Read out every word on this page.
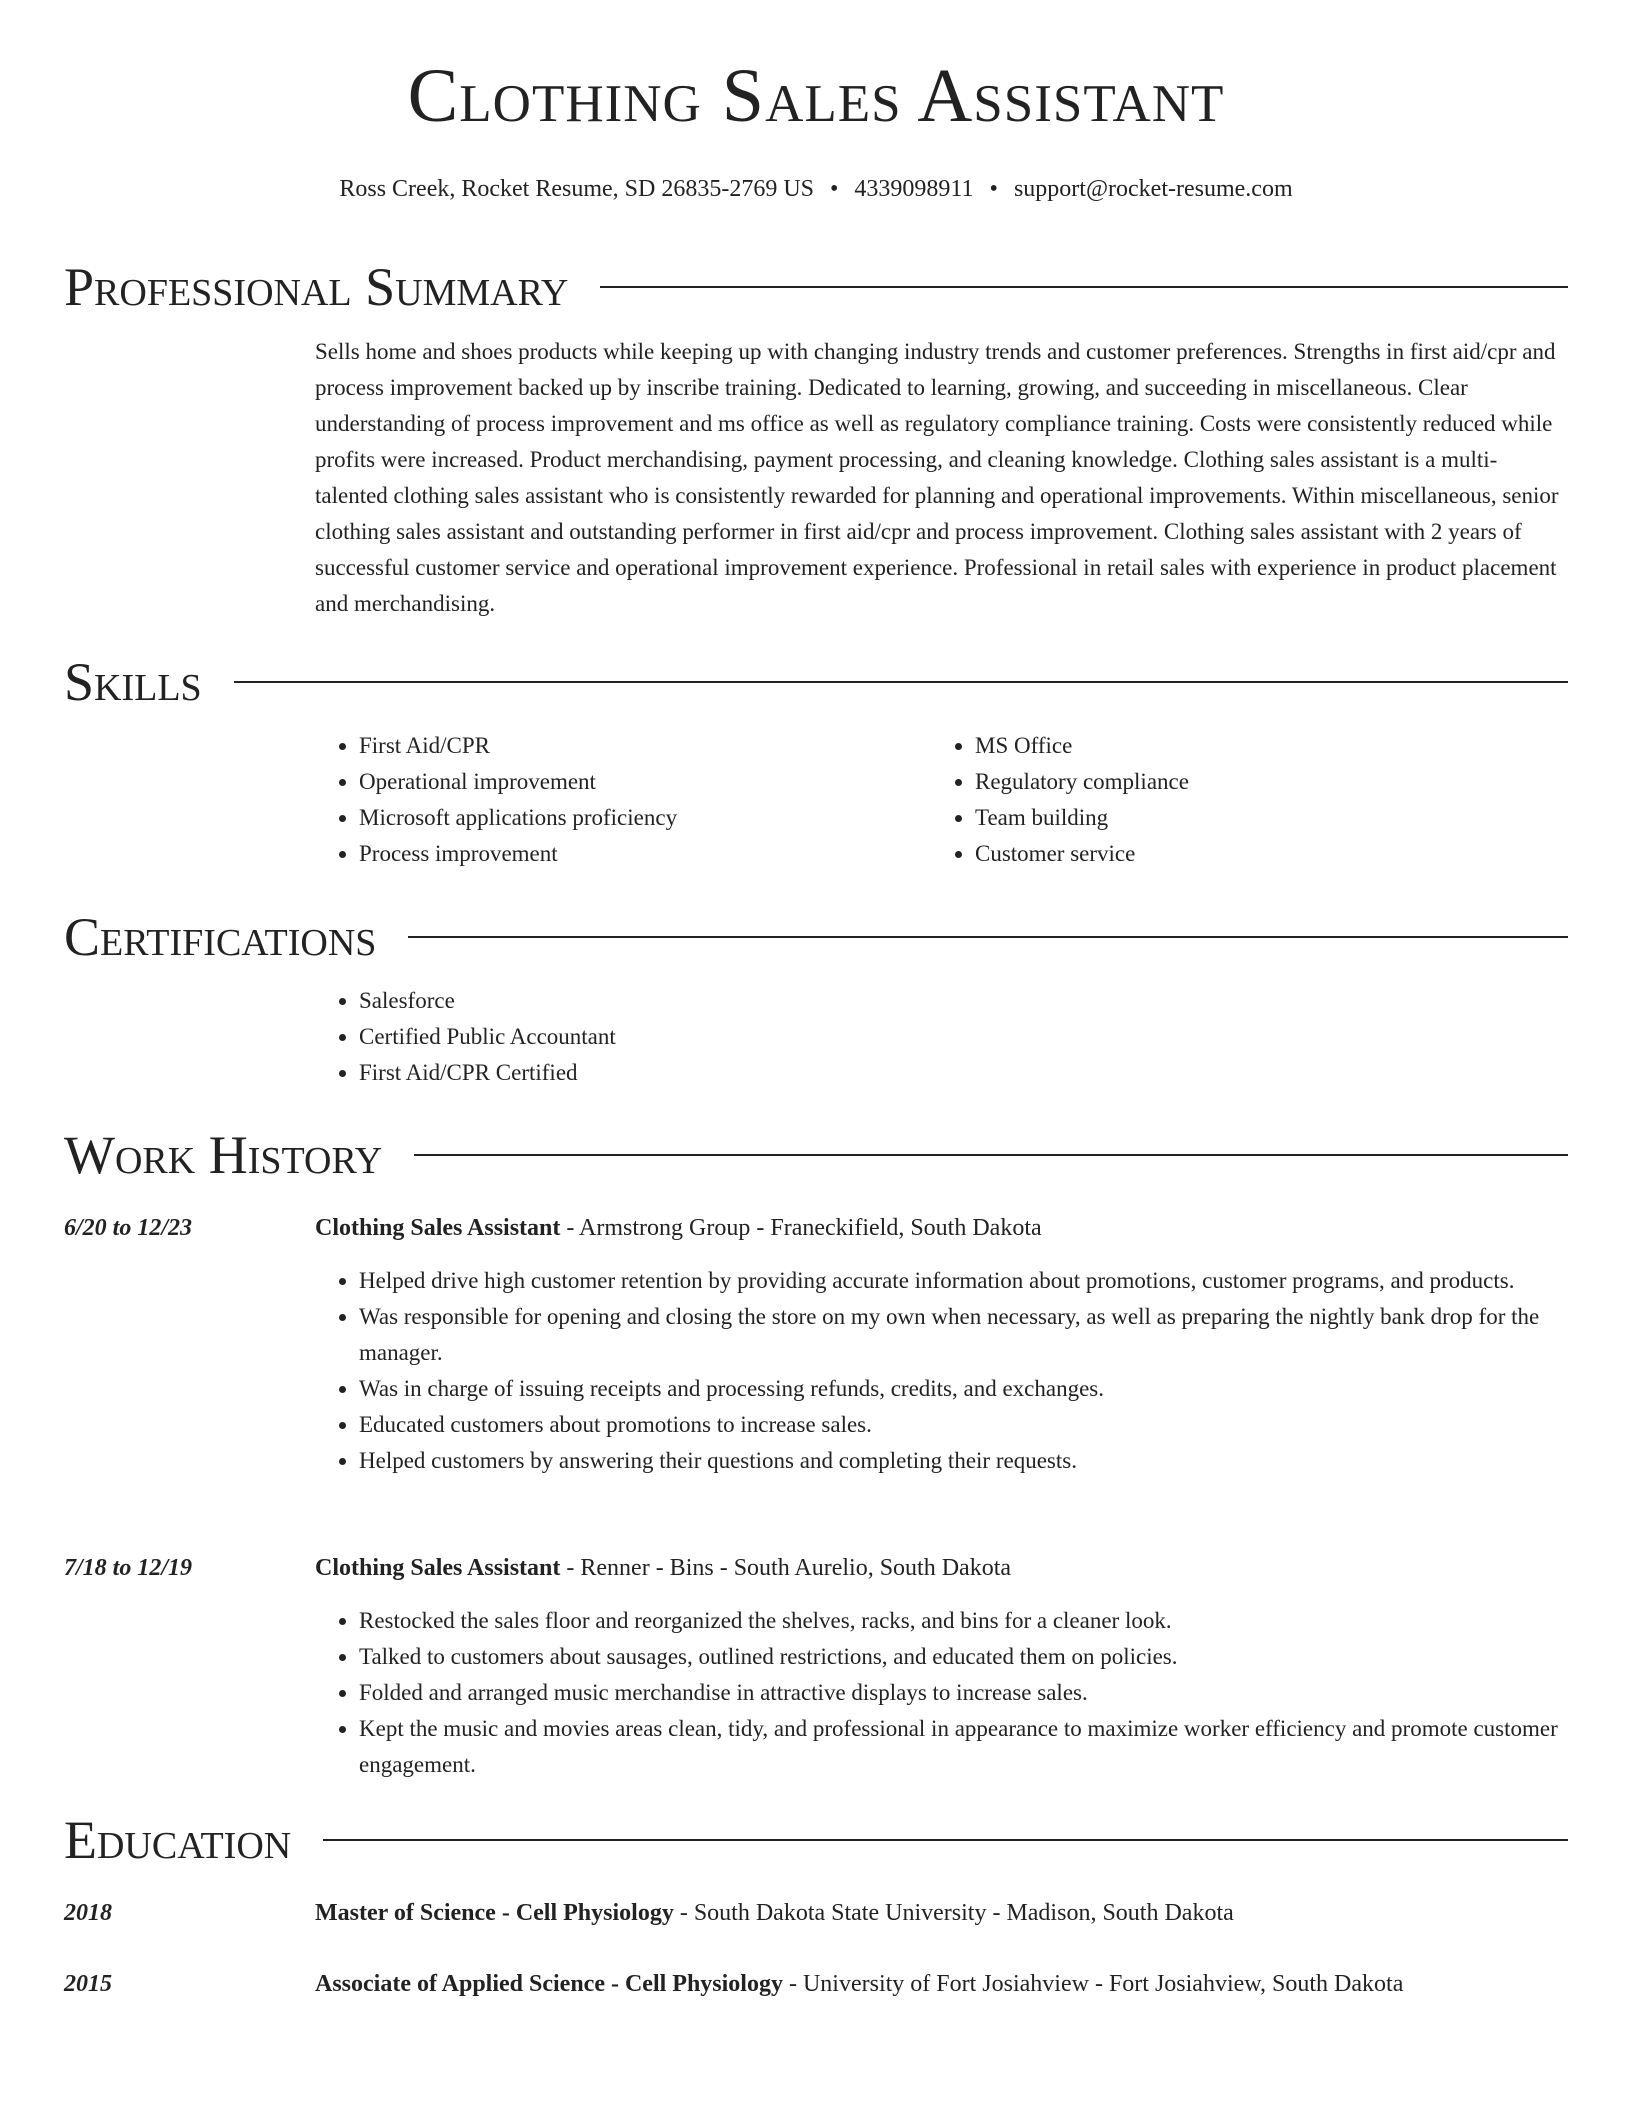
Clothing Sales Assistant
Ross Creek, Rocket Resume, SD 26835-2769 US • 4339098911 • support@rocket-resume.com
Professional Summary

Sells home and shoes products while keeping up with changing industry trends and customer preferences. Strengths in first aid/cpr and process improvement backed up by inscribe training. Dedicated to learning, growing, and succeeding in miscellaneous. Clear understanding of process improvement and ms office as well as regulatory compliance training. Costs were consistently reduced while profits were increased. Product merchandising, payment processing, and cleaning knowledge. Clothing sales assistant is a multi-talented clothing sales assistant who is consistently rewarded for planning and operational improvements. Within miscellaneous, senior clothing sales assistant and outstanding performer in first aid/cpr and process improvement. Clothing sales assistant with 2 years of successful customer service and operational improvement experience. Professional in retail sales with experience in product placement and merchandising.

Skills
• First Aid/CPR
• Operational improvement
• Microsoft applications proficiency
• Process improvement
• MS Office
• Regulatory compliance
• Team building
• Customer service
Certifications
• Salesforce
• Certified Public Accountant
• First Aid/CPR Certified
Work History
6/20 to 12/23	Clothing Sales Assistant - Armstrong Group - Franeckifield, South Dakota
• Helped drive high customer retention by providing accurate information about promotions, customer programs, and products.
• Was responsible for opening and closing the store on my own when necessary, as well as preparing the nightly bank drop for the manager.
• Was in charge of issuing receipts and processing refunds, credits, and exchanges.
• Educated customers about promotions to increase sales.
• Helped customers by answering their questions and completing their requests.
7/18 to 12/19	Clothing Sales Assistant - Renner - Bins - South Aurelio, South Dakota
• Restocked the sales floor and reorganized the shelves, racks, and bins for a cleaner look.
• Talked to customers about sausages, outlined restrictions, and educated them on policies.
• Folded and arranged music merchandise in attractive displays to increase sales.
• Kept the music and movies areas clean, tidy, and professional in appearance to maximize worker efficiency and promote customer engagement.
Education
2018	Master of Science - Cell Physiology - South Dakota State University - Madison, South Dakota
2015	Associate of Applied Science - Cell Physiology - University of Fort Josiahview - Fort Josiahview, South Dakota
